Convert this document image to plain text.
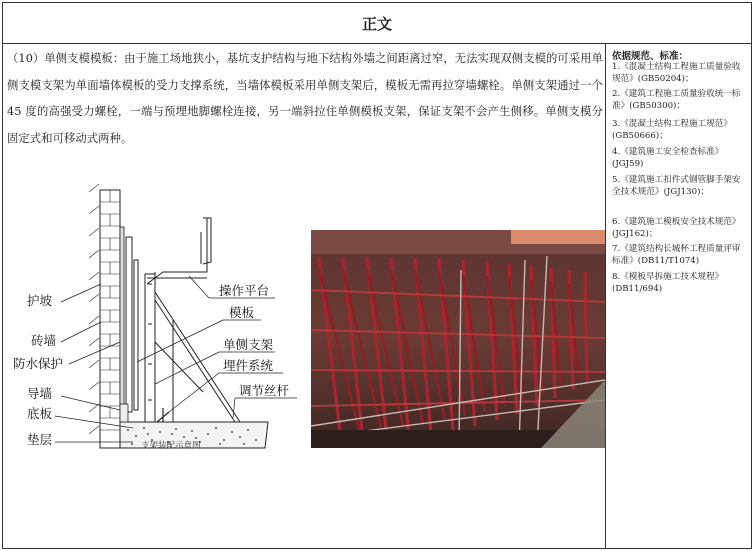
正文
（10）单侧支模模板：由于施工场地狭小，基坑支护结构与地下结构外墙之间距离过窄，无法实现双侧支模的可采用单侧支模支架为单面墙体模板的受力支撑系统，当墙体模板采用单侧支架后，模板无需再拉穿墙螺栓。单侧支架通过一个 45 度的高强受力螺栓，一端与预埋地脚螺栓连接，另一端斜拉住单侧模板支架，保证支架不会产生侧移。单侧支模分固定式和可移动式两种。
护坡
砖墙
防水保护
导墙
底板
垫层
操作平台
模板
单侧支架
埋件系统
调节丝杆
支架装配示意图
依据规范、标准：
1.《混凝土结构工程施工质量验收规范》(GB50204)；
2.《建筑工程施工质量验收统一标准》(GB50300)；
3.《混凝土结构工程施工规范》(GB50666)；
4.《建筑施工安全检查标准》(JGJ59)
5.《建筑施工扣件式钢管脚手架安全技术规范》(JGJ130)；
6.《建筑施工模板安全技术规范》(JGJ162)；
7.《建筑结构长城杯工程质量评审标准》(DB11/T1074)
8.《模板早拆施工技术规程》(DB11/694)
